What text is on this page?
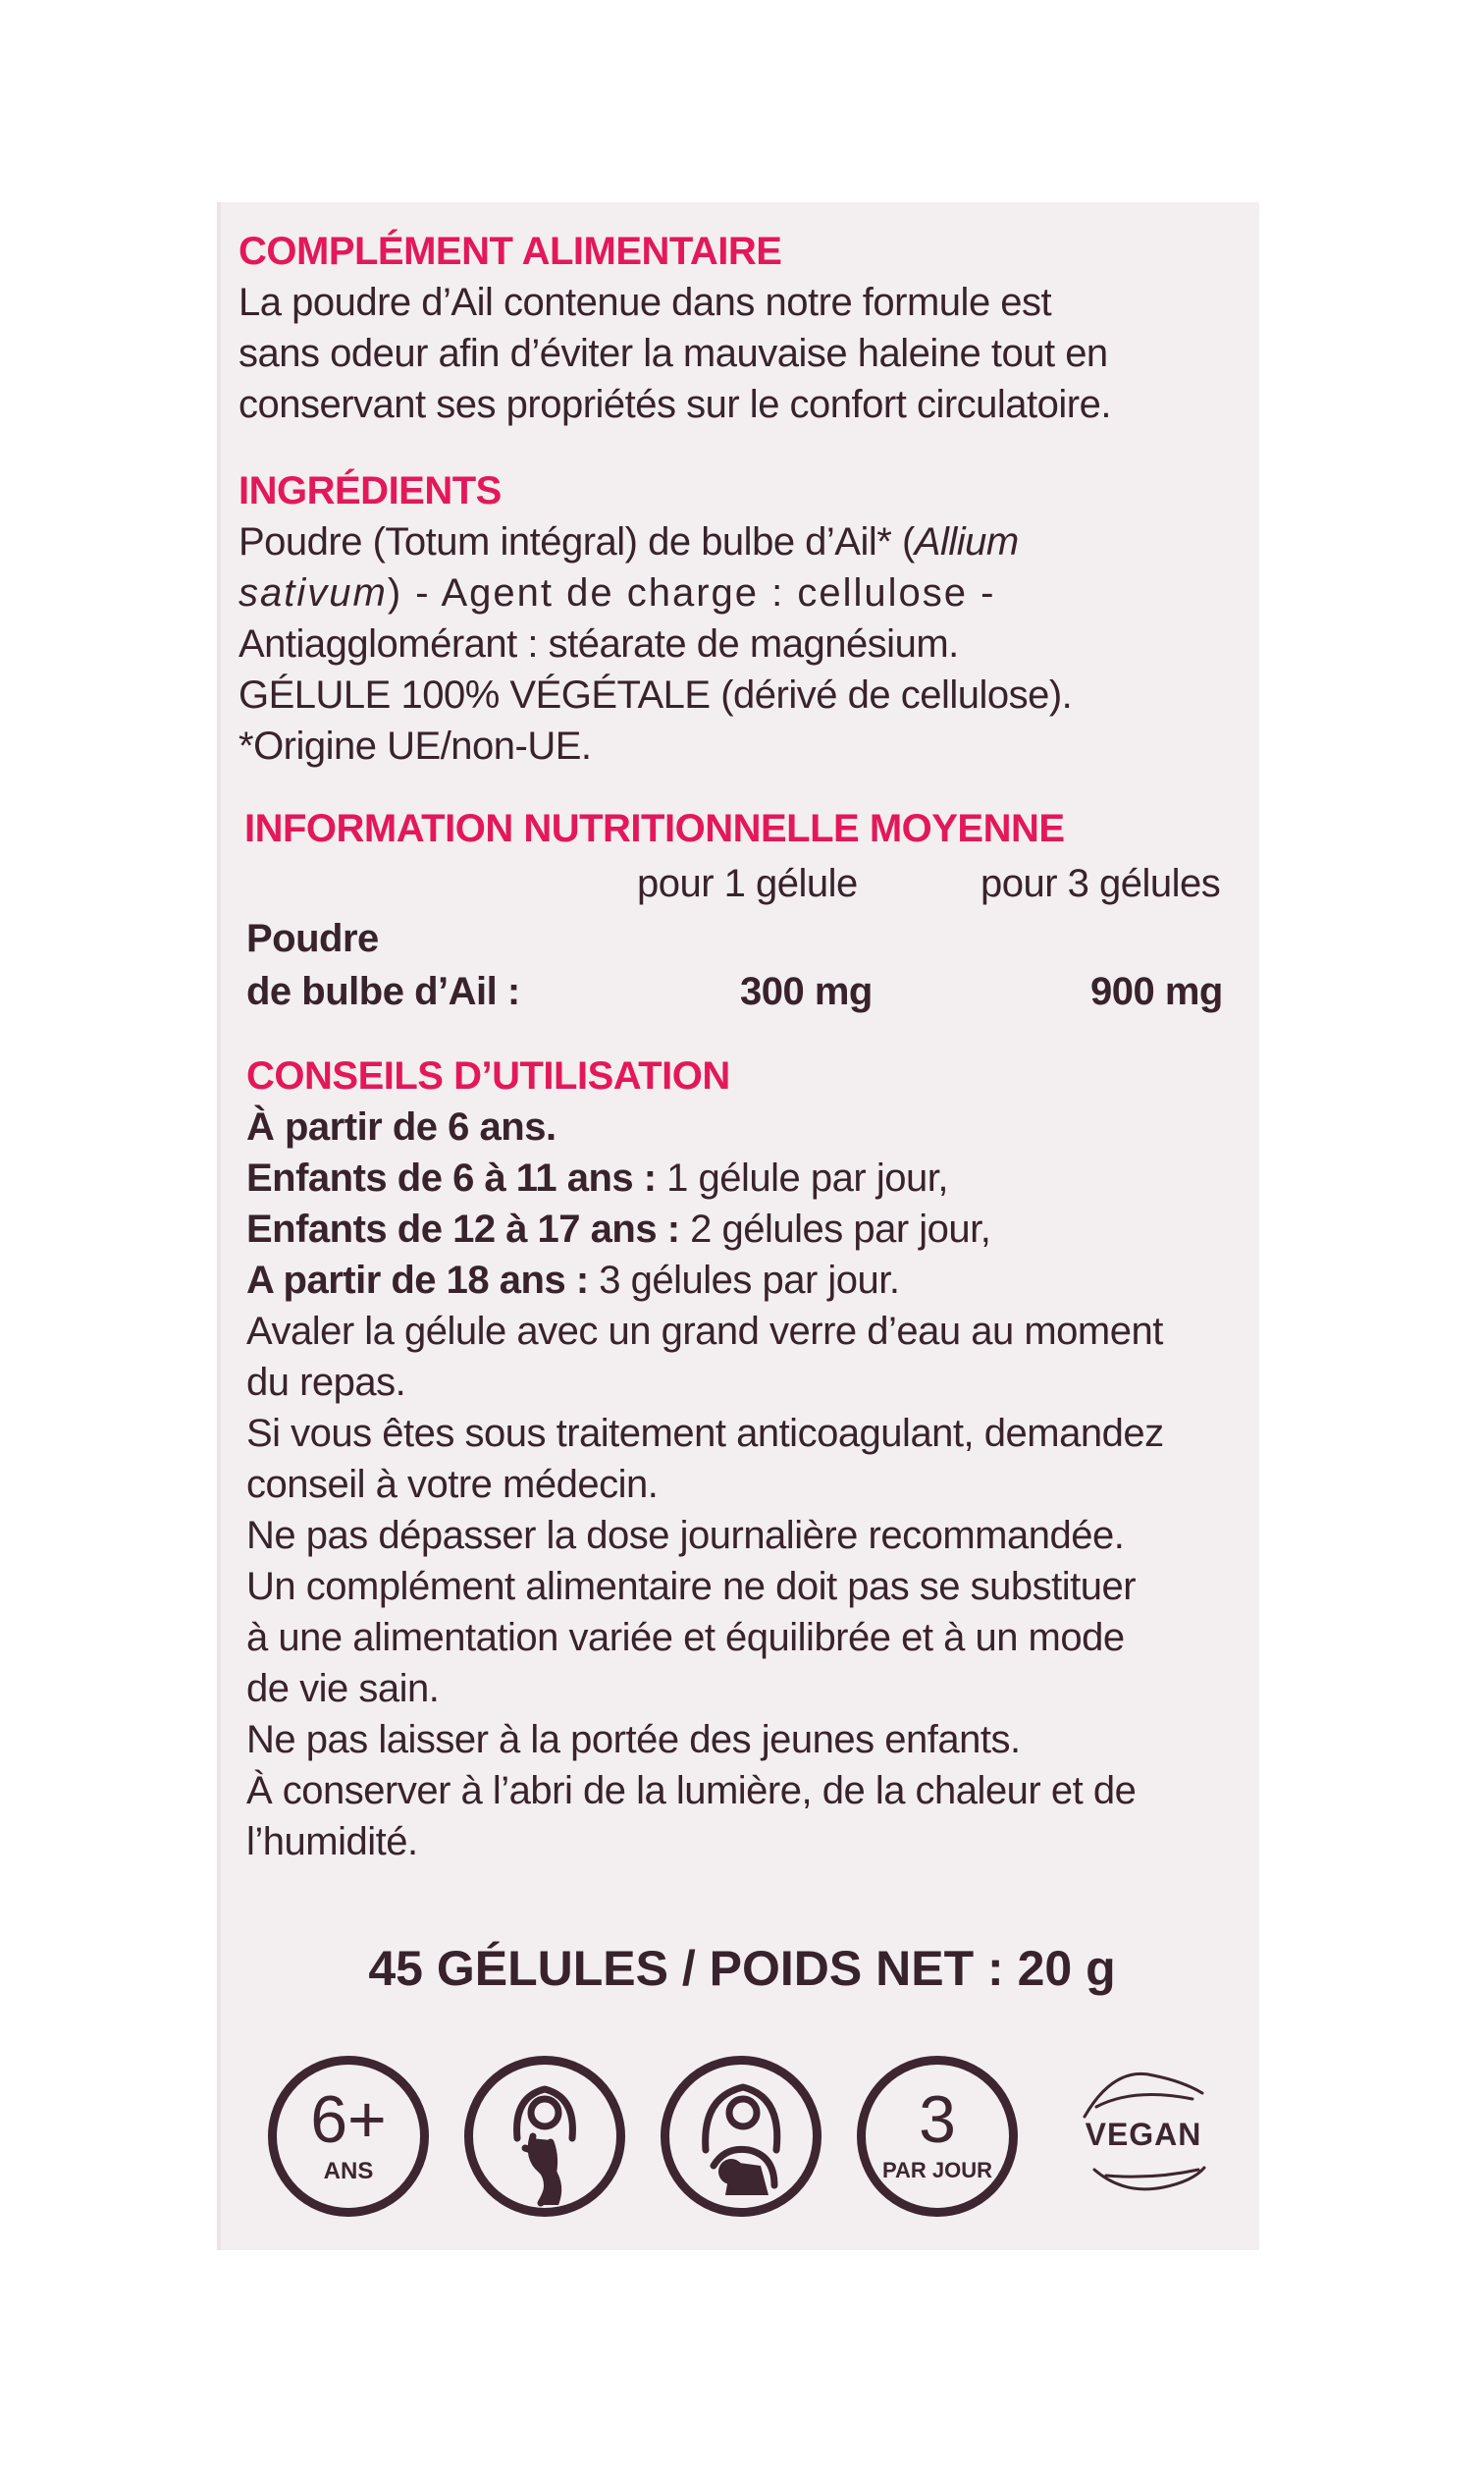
COMPLÉMENT ALIMENTAIRE
La poudre d’Ail contenue dans notre formule est
sans odeur afin d’éviter la mauvaise haleine tout en
conservant ses propriétés sur le confort circulatoire.
INGRÉDIENTS
Poudre (Totum intégral) de bulbe d’Ail* (Allium
sativum) - Agent de charge : cellulose -
Antiagglomérant : stéarate de magnésium.
GÉLULE 100% VÉGÉTALE (dérivé de cellulose).
*Origine UE/non-UE.
INFORMATION NUTRITIONNELLE MOYENNE
pour 1 gélule	pour 3 gélules
Poudre
de bulbe d’Ail :	300 mg	900 mg
CONSEILS D’UTILISATION
À partir de 6 ans.
Enfants de 6 à 11 ans : 1 gélule par jour,
Enfants de 12 à 17 ans : 2 gélules par jour,
A partir de 18 ans : 3 gélules par jour.
Avaler la gélule avec un grand verre d’eau au moment
du repas.
Si vous êtes sous traitement anticoagulant, demandez
conseil à votre médecin.
Ne pas dépasser la dose journalière recommandée.
Un complément alimentaire ne doit pas se substituer
à une alimentation variée et équilibrée et à un mode
de vie sain.
Ne pas laisser à la portée des jeunes enfants.
À conserver à l’abri de la lumière, de la chaleur et de
l’humidité.
45 GÉLULES / POIDS NET : 20 g
6+
ANS
3
PAR JOUR
VEGAN
